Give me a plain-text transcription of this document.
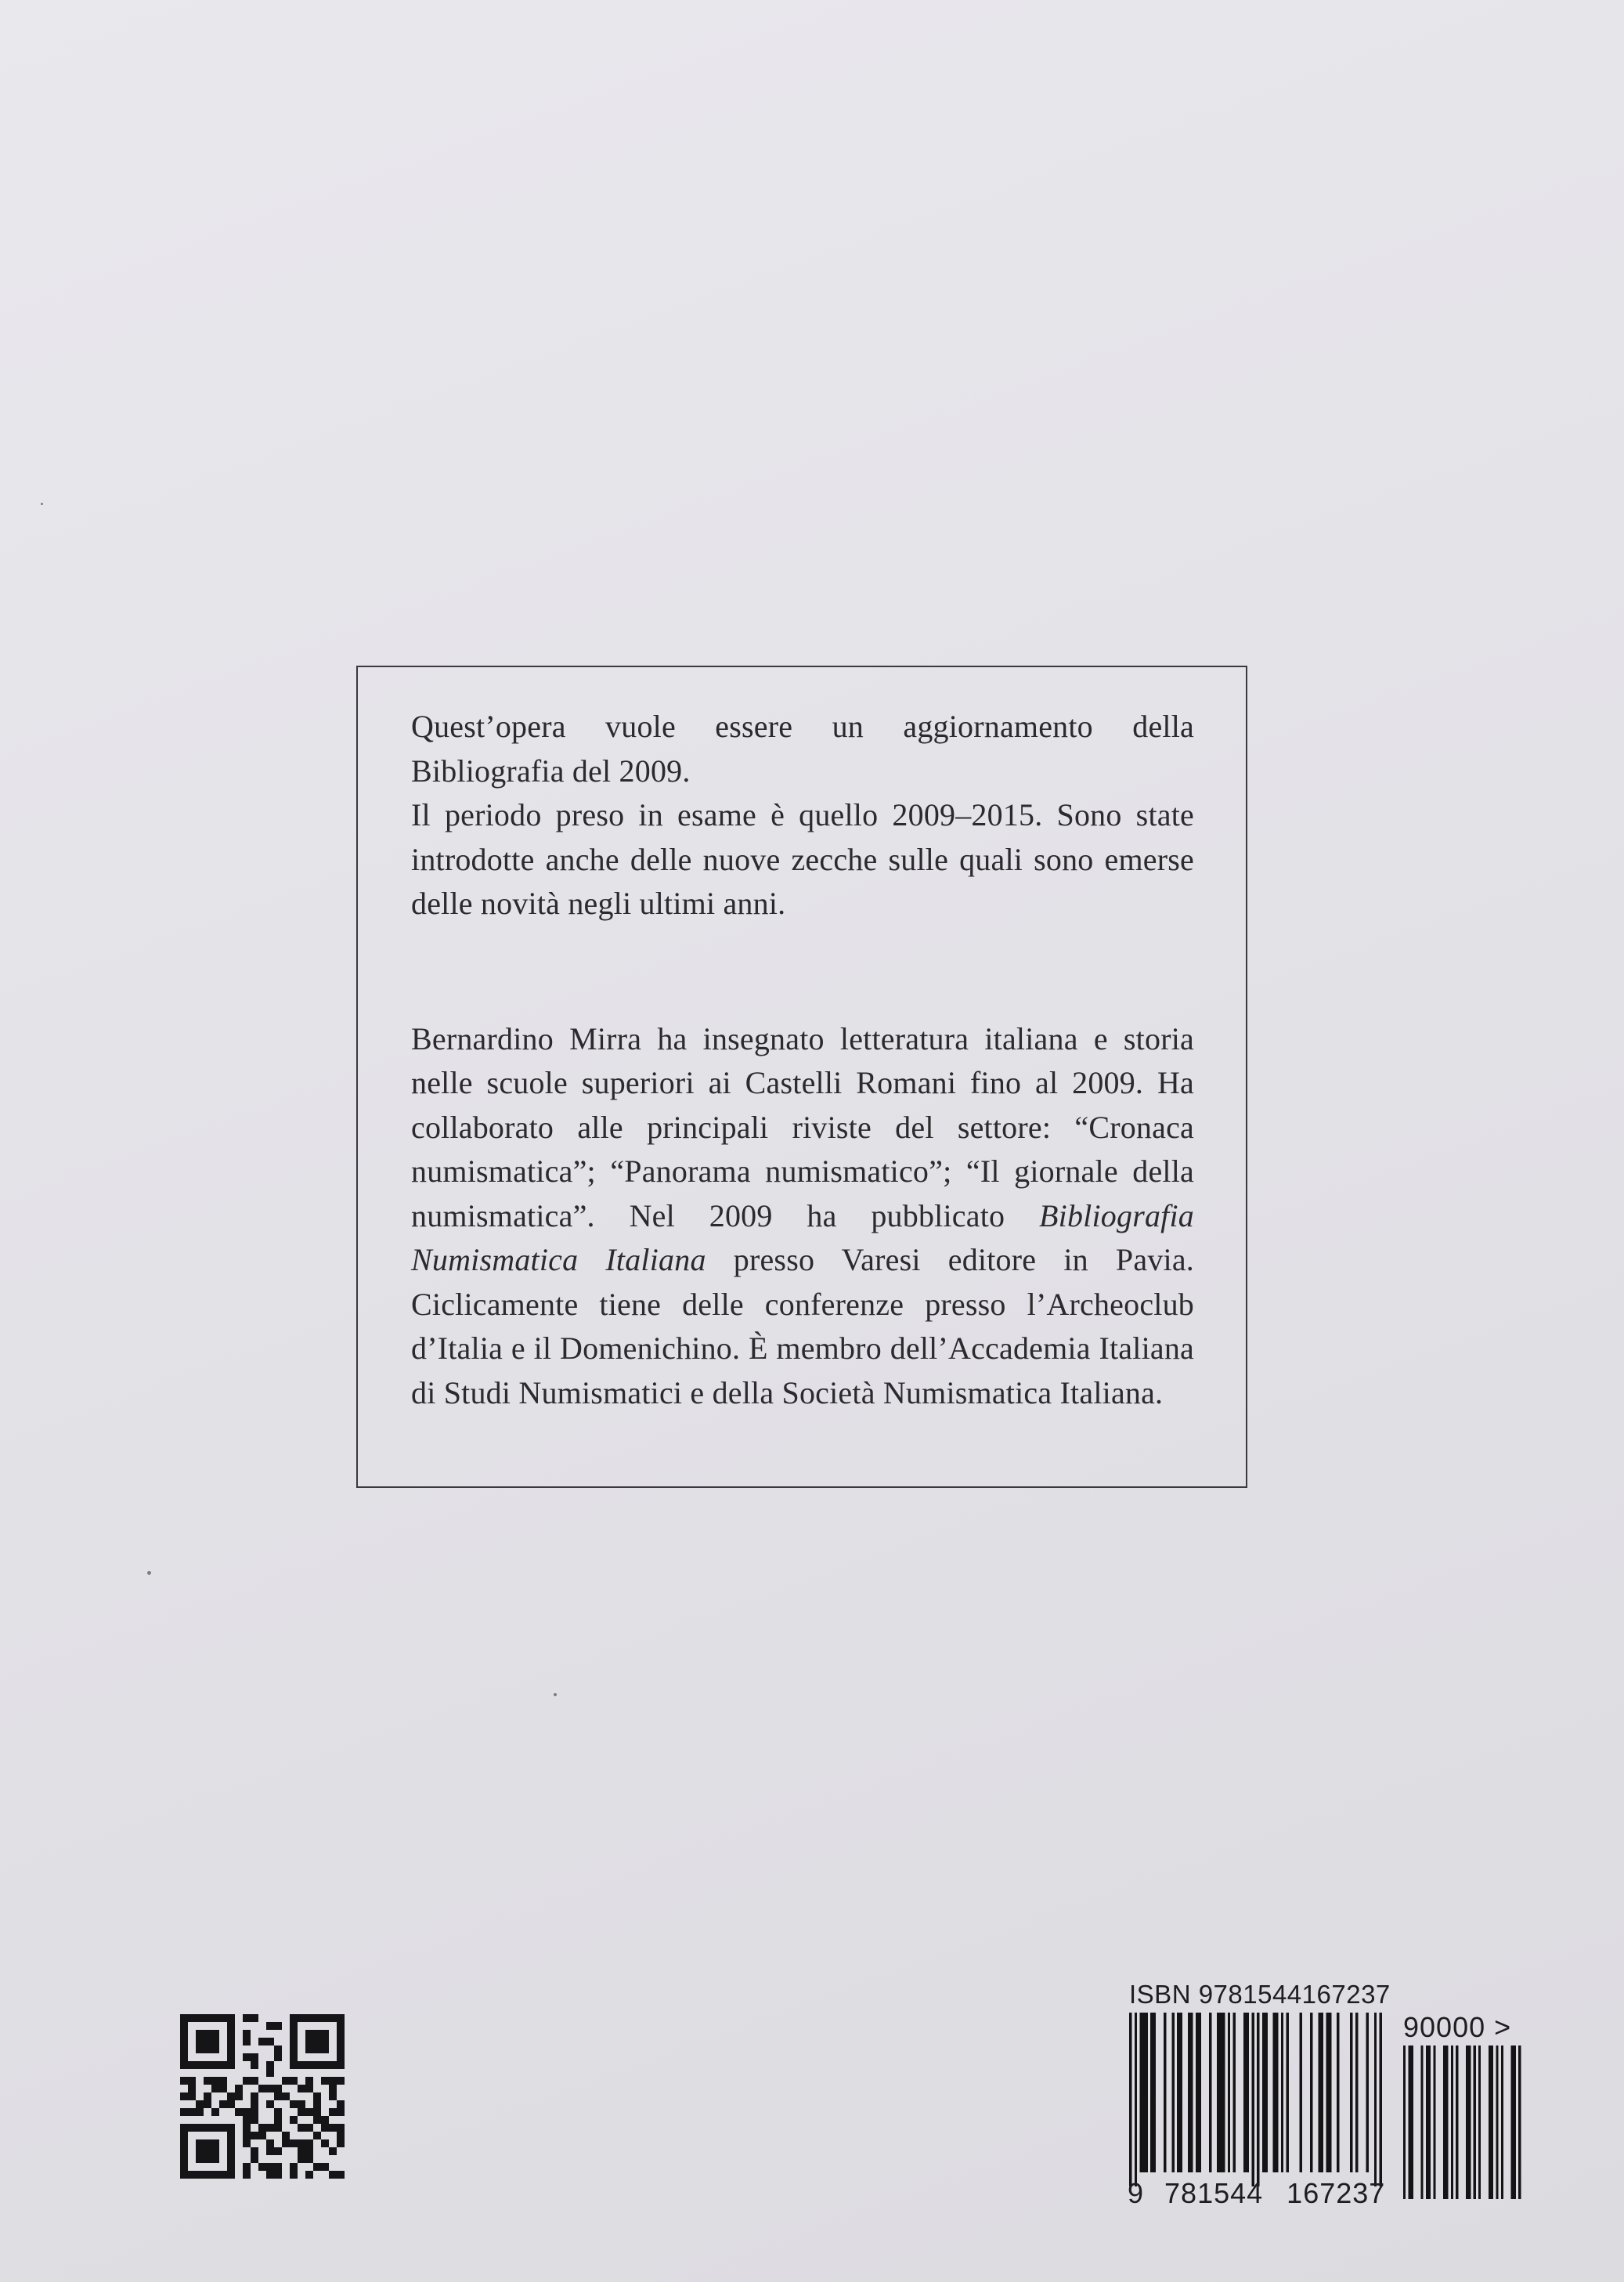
Quest’opera vuole essere un aggiornamento della Bibliografia del 2009.
Il periodo preso in esame è quello 2009–2015. Sono state introdotte anche delle nuove zecche sulle quali sono emerse delle novità negli ultimi anni.

Bernardino Mirra ha insegnato letteratura italiana e storia nelle scuole superiori ai Castelli Romani fino al 2009. Ha collaborato alle principali riviste del settore: “Cronaca numismatica”; “Panorama numismatico”; “Il giornale della numismatica”. Nel 2009 ha pubblicato Bibliografia Numismatica Italiana presso Varesi editore in Pavia. Ciclicamente tiene delle conferenze presso l’Archeoclub d’Italia e il Domenichino. È membro dell’Accademia Italiana di Studi Numismatici e della Società Numismatica Italiana.

ISBN 9781544167237
90000 >
9 781544 167237
